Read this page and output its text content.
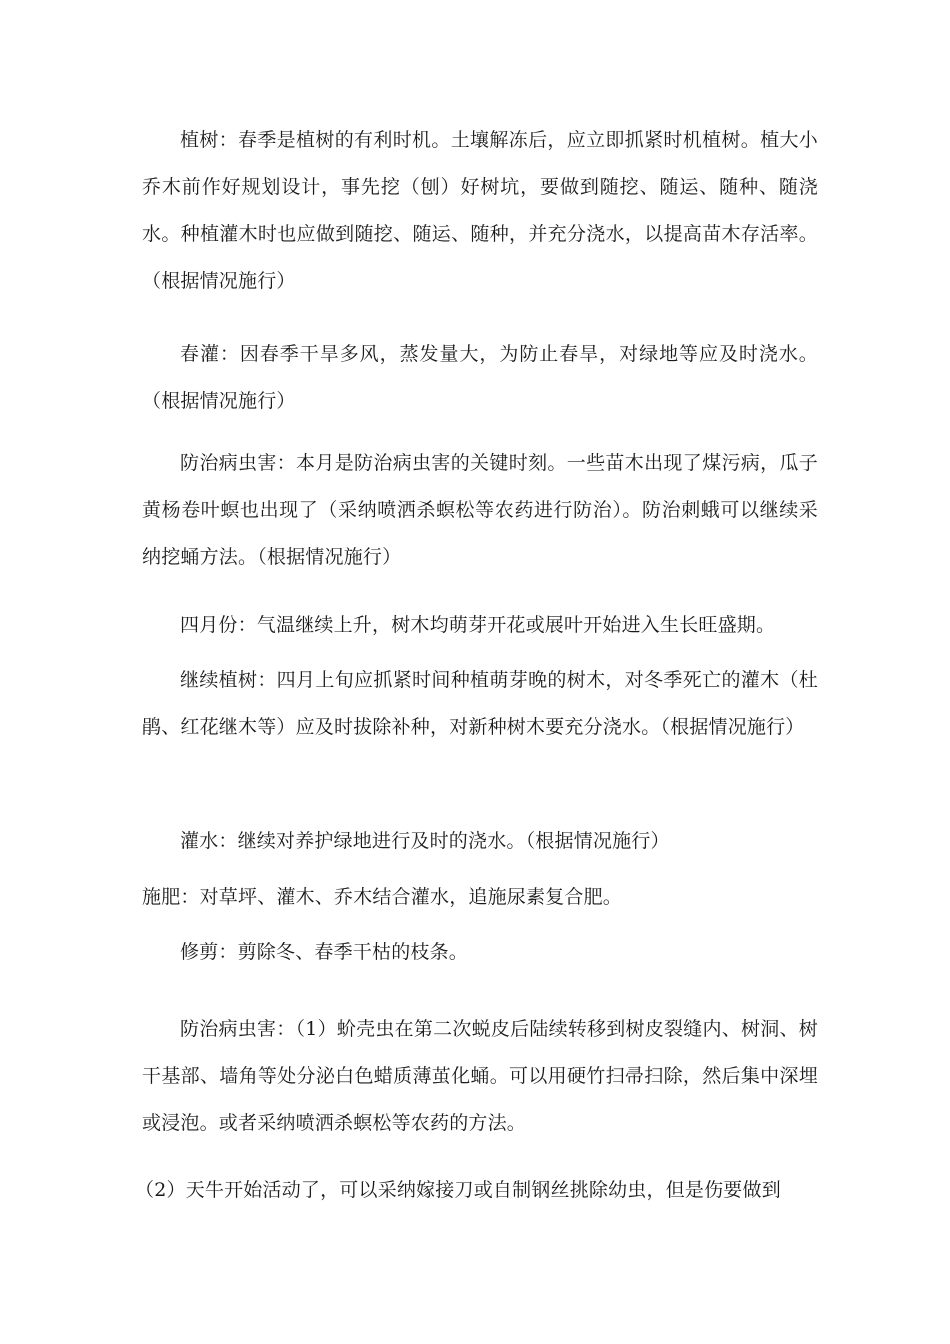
植树：春季是植树的有利时机。土壤解冻后，应立即抓紧时机植树。植大小乔木前作好规划设计，事先挖（刨）好树坑，要做到随挖、随运、随种、随浇水。种植灌木时也应做到随挖、随运、随种，并充分浇水，以提高苗木存活率。（根据情况施行）

春灌：因春季干旱多风，蒸发量大，为防止春旱，对绿地等应及时浇水。（根据情况施行）

防治病虫害：本月是防治病虫害的关键时刻。一些苗木出现了煤污病，瓜子黄杨卷叶螟也出现了（采纳喷洒杀螟松等农药进行防治）。防治刺蛾可以继续采纳挖蛹方法。（根据情况施行）

四月份：气温继续上升，树木均萌芽开花或展叶开始进入生长旺盛期。

继续植树：四月上旬应抓紧时间种植萌芽晚的树木，对冬季死亡的灌木（杜鹃、红花继木等）应及时拔除补种，对新种树木要充分浇水。（根据情况施行）

灌水：继续对养护绿地进行及时的浇水。（根据情况施行）

施肥：对草坪、灌木、乔木结合灌水，追施尿素复合肥。

修剪：剪除冬、春季干枯的枝条。

防治病虫害：（1）蚧壳虫在第二次蜕皮后陆续转移到树皮裂缝内、树洞、树干基部、墙角等处分泌白色蜡质薄茧化蛹。可以用硬竹扫帚扫除，然后集中深埋或浸泡。或者采纳喷洒杀螟松等农药的方法。

（2）天牛开始活动了，可以采纳嫁接刀或自制钢丝挑除幼虫，但是伤要做到
